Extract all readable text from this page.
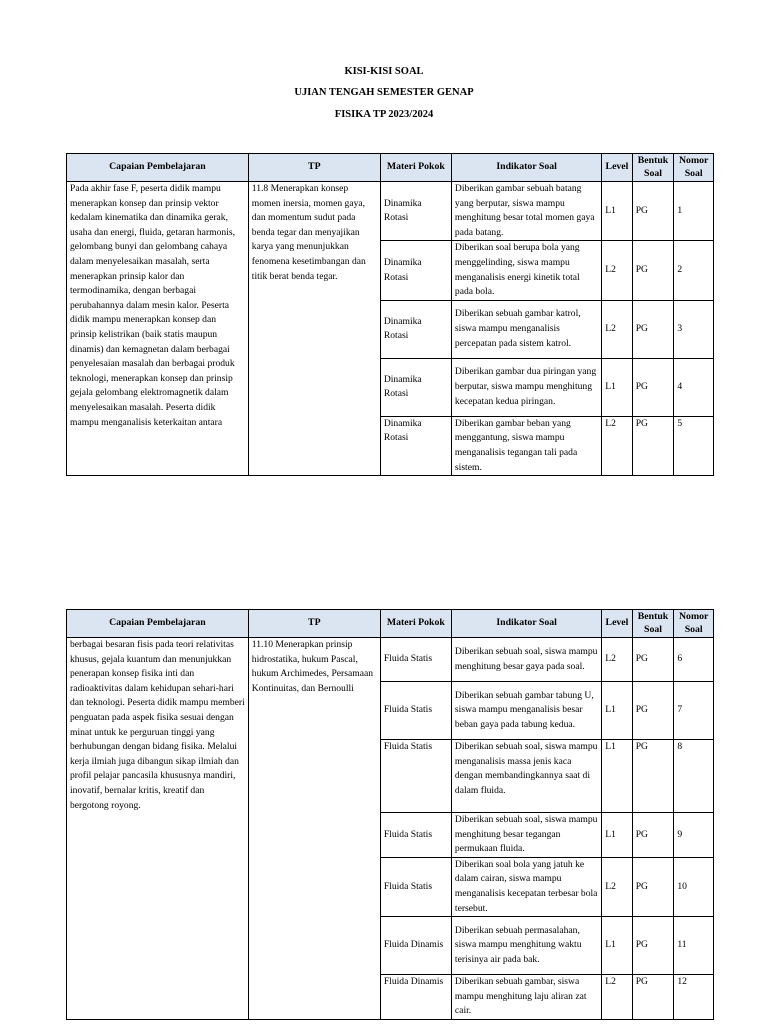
KISI-KISI SOAL
UJIAN TENGAH SEMESTER GENAP
FISIKA TP 2023/2024
Capaian Pembelajaran	TP	Materi Pokok	Indikator Soal	Level	Bentuk Soal	Nomor Soal
Pada akhir fase F, peserta didik mampu menerapkan konsep dan prinsip vektor kedalam kinematika dan dinamika gerak, usaha dan energi, fluida, getaran harmonis, gelombang bunyi dan gelombang cahaya dalam menyelesaikan masalah, serta menerapkan prinsip kalor dan termodinamika, dengan berbagai perubahannya dalam mesin kalor. Peserta didik mampu menerapkan konsep dan prinsip kelistrikan (baik statis maupun dinamis) dan kemagnetan dalam berbagai penyelesaian masalah dan berbagai produk teknologi, menerapkan konsep dan prinsip gejala gelombang elektromagnetik dalam menyelesaikan masalah. Peserta didik mampu menganalisis keterkaitan antara	11.8 Menerapkan konsep momen inersia, momen gaya, dan momentum sudut pada benda tegar dan menyajikan karya yang menunjukkan fenomena kesetimbangan dan titik berat benda tegar.	Dinamika Rotasi	Diberikan gambar sebuah batang yang berputar, siswa mampu menghitung besar total momen gaya pada batang.	L1	PG	1
		Dinamika Rotasi	Diberikan soal berupa bola yang menggelinding, siswa mampu menganalisis energi kinetik total pada bola.	L2	PG	2
		Dinamika Rotasi	Diberikan sebuah gambar katrol, siswa mampu menganalisis percepatan pada sistem katrol.	L2	PG	3
		Dinamika Rotasi	Diberikan gambar dua piringan yang berputar, siswa mampu menghitung kecepatan kedua piringan.	L1	PG	4
		Dinamika Rotasi	Diberikan gambar beban yang menggantung, siswa mampu menganalisis tegangan tali pada sistem.	L2	PG	5
Capaian Pembelajaran	TP	Materi Pokok	Indikator Soal	Level	Bentuk Soal	Nomor Soal
berbagai besaran fisis pada teori relativitas khusus, gejala kuantum dan menunjukkan penerapan konsep fisika inti dan radioaktivitas dalam kehidupan sehari-hari dan teknologi. Peserta didik mampu memberi penguatan pada aspek fisika sesuai dengan minat untuk ke perguruan tinggi yang berhubungan dengan bidang fisika. Melalui kerja ilmiah juga dibangun sikap ilmiah dan profil pelajar pancasila khususnya mandiri, inovatif, bernalar kritis, kreatif dan bergotong royong.	11.10 Menerapkan prinsip hidrostatika, hukum Pascal, hukum Archimedes, Persamaan Kontinuitas, dan Bernoulli	Fluida Statis	Diberikan sebuah soal, siswa mampu menghitung besar gaya pada soal.	L2	PG	6
		Fluida Statis	Diberikan sebuah gambar tabung U, siswa mampu menganalisis besar beban gaya pada tabung kedua.	L1	PG	7
		Fluida Statis	Diberikan sebuah soal, siswa mampu menganalisis massa jenis kaca dengan membandingkannya saat di dalam fluida.	L1	PG	8
		Fluida Statis	Diberikan sebuah soal, siswa mampu menghitung besar tegangan permukaan fluida.	L1	PG	9
		Fluida Statis	Diberikan soal bola yang jatuh ke dalam cairan, siswa mampu menganalisis kecepatan terbesar bola tersebut.	L2	PG	10
		Fluida Dinamis	Diberikan sebuah permasalahan, siswa mampu menghitung waktu terisinya air pada bak.	L1	PG	11
		Fluida Dinamis	Diberikan sebuah gambar, siswa mampu menghitung laju aliran zat cair.	L2	PG	12
